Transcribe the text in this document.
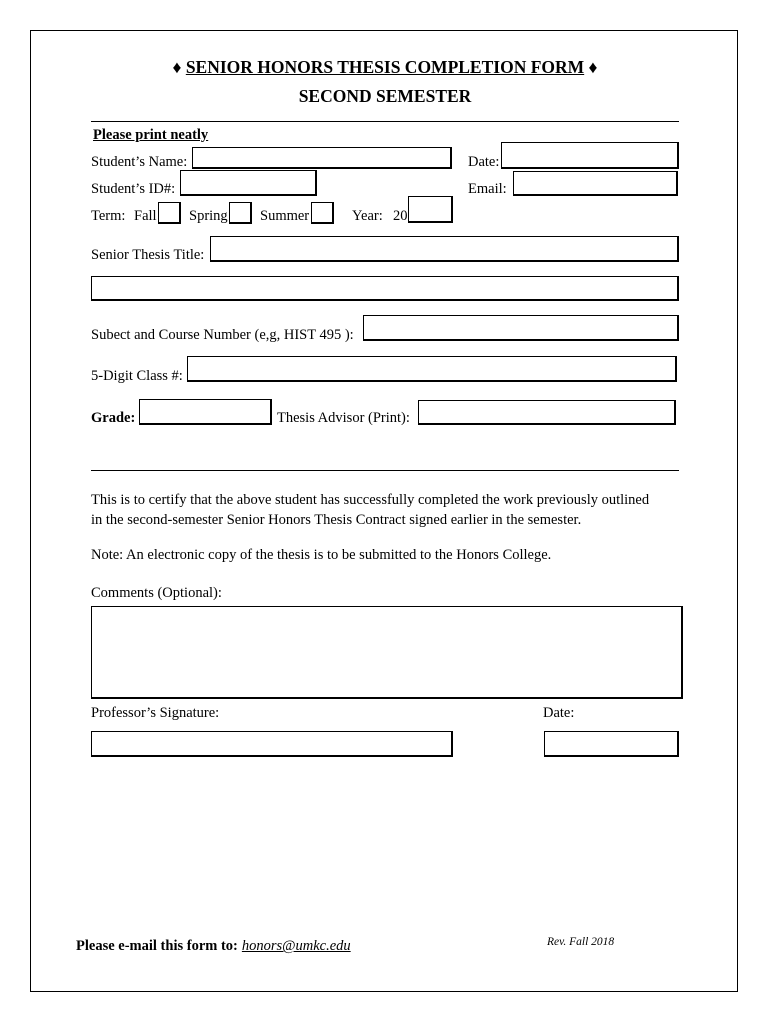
♦ SENIOR HONORS THESIS COMPLETION FORM ♦
SECOND SEMESTER
Please print neatly
Student’s Name:	Date:
Student’s ID#:	Email:
Term: Fall Spring Summer	Year: 20
Senior Thesis Title:
Subect and Course Number (e,g, HIST 495 ):
5-Digit Class #:
Grade:	Thesis Advisor (Print):
This is to certify that the above student has successfully completed the work previously outlined
in the second-semester Senior Honors Thesis Contract signed earlier in the semester.
Note: An electronic copy of the thesis is to be submitted to the Honors College.
Comments (Optional):
Professor’s Signature:	Date:
Please e-mail this form to: honors@umkc.edu	Rev. Fall 2018
